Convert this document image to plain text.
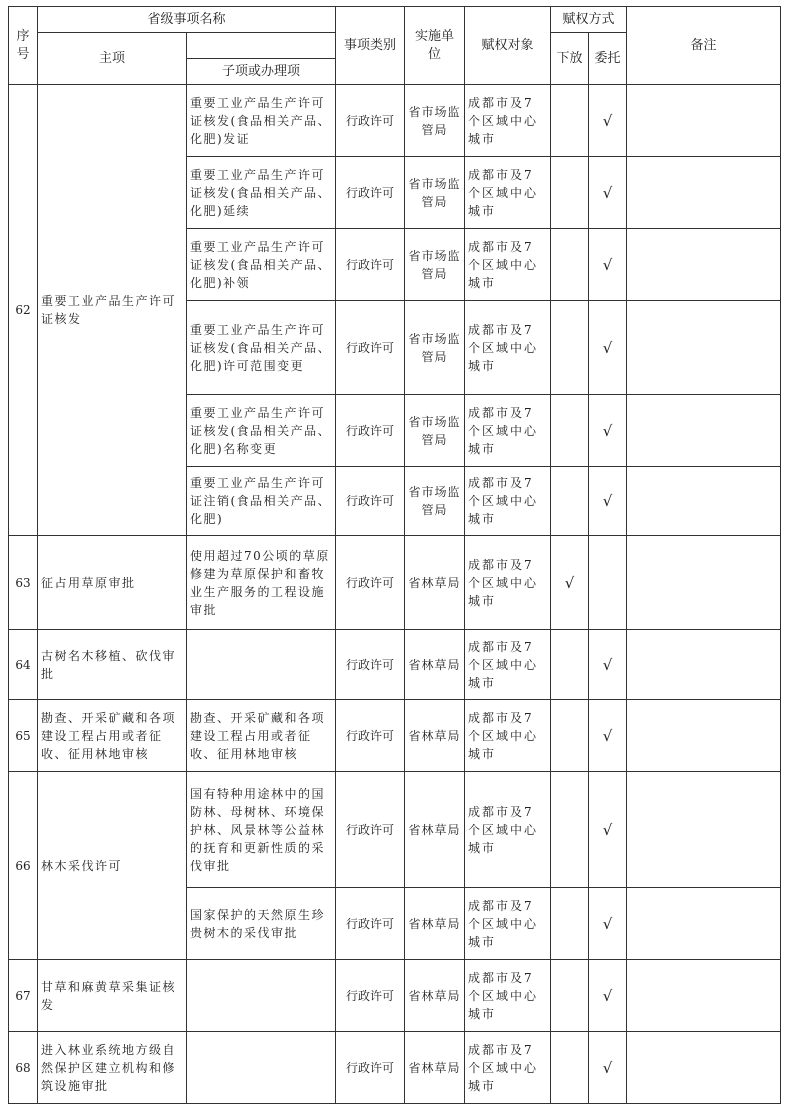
序号	省级事项名称		事项类别	实施单位	赋权对象	赋权方式		备注
	主项					下放	委托	
		子项或办理项						
62	重要工业产品生产许可证核发	重要工业产品生产许可证核发(食品相关产品、化肥)发证	行政许可	省市场监管局	成都市及7个区域中心城市		√	
		重要工业产品生产许可证核发(食品相关产品、化肥)延续	行政许可	省市场监管局	成都市及7个区域中心城市		√	
		重要工业产品生产许可证核发(食品相关产品、化肥)补领	行政许可	省市场监管局	成都市及7个区域中心城市		√	
		重要工业产品生产许可证核发(食品相关产品、化肥)许可范围变更	行政许可	省市场监管局	成都市及7个区域中心城市		√	
		重要工业产品生产许可证核发(食品相关产品、化肥)名称变更	行政许可	省市场监管局	成都市及7个区域中心城市		√	
		重要工业产品生产许可证注销(食品相关产品、化肥)	行政许可	省市场监管局	成都市及7个区域中心城市		√	
63	征占用草原审批	使用超过70公顷的草原修建为草原保护和畜牧业生产服务的工程设施审批	行政许可	省林草局	成都市及7个区域中心城市	√		
64	古树名木移植、砍伐审批		行政许可	省林草局	成都市及7个区域中心城市		√	
65	勘查、开采矿藏和各项建设工程占用或者征收、征用林地审核	勘查、开采矿藏和各项建设工程占用或者征收、征用林地审核	行政许可	省林草局	成都市及7个区域中心城市		√	
66	林木采伐许可	国有特种用途林中的国防林、母树林、环境保护林、风景林等公益林的抚育和更新性质的采伐审批	行政许可	省林草局	成都市及7个区域中心城市		√	
		国家保护的天然原生珍贵树木的采伐审批	行政许可	省林草局	成都市及7个区域中心城市		√	
67	甘草和麻黄草采集证核发		行政许可	省林草局	成都市及7个区域中心城市		√	
68	进入林业系统地方级自然保护区建立机构和修筑设施审批		行政许可	省林草局	成都市及7个区域中心城市		√	
